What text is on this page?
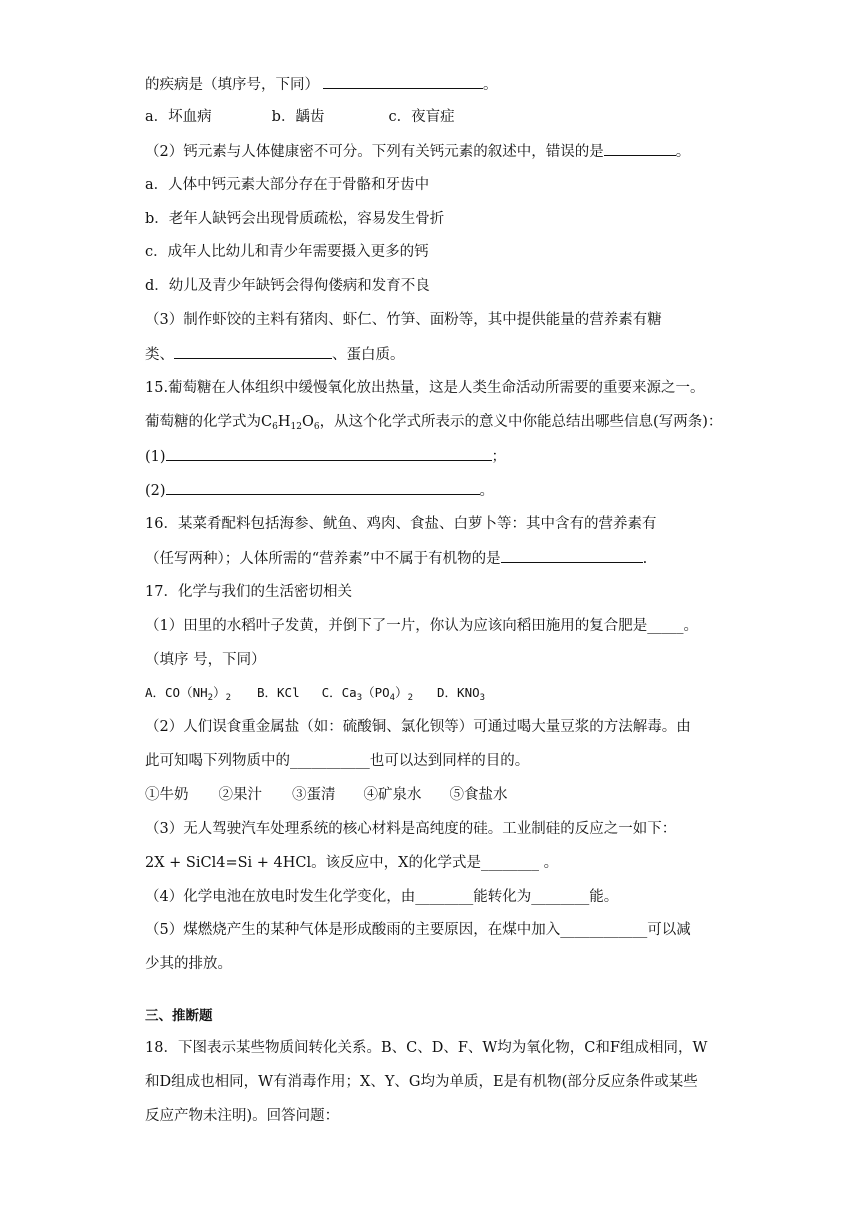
的疾病是（填序号，下同）	。
a．坏血病	b．龋齿	c．夜盲症
（2）钙元素与人体健康密不可分。下列有关钙元素的叙述中，错误的是	。
a．人体中钙元素大部分存在于骨骼和牙齿中
b．老年人缺钙会出现骨质疏松，容易发生骨折
c．成年人比幼儿和青少年需要摄入更多的钙
d．幼儿及青少年缺钙会得佝偻病和发育不良
（3）制作虾饺的主料有猪肉、虾仁、竹笋、面粉等，其中提供能量的营养素有糖
类、	、蛋白质。
15.葡萄糖在人体组织中缓慢氧化放出热量，这是人类生命活动所需要的重要来源之一。
葡萄糖的化学式为$C_6H_{12}O_6$，从这个化学式所表示的意义中你能总结出哪些信息(写两条)：
(1)	；
(2)	。
16．某菜肴配料包括海参、鱿鱼、鸡肉、食盐、白萝卜等：其中含有的营养素有
（任写两种）；人体所需的“营养素”中不属于有机物的是	.
17．化学与我们的生活密切相关
（1）田里的水稻叶子发黄，并倒下了一片，你认为应该向稻田施用的复合肥是_____。
（填序 号，下同）
A．$CO(NH_2)_2$ B．KCl C．$Ca_3(PO_4)_2$ D．$KNO_3$
（2）人们误食重金属盐（如：硫酸铜、氯化钡等）可通过喝大量豆浆的方法解毒。由
此可知喝下列物质中的___________也可以达到同样的目的。
①牛奶 ②果汁 ③蛋清 ④矿泉水 ⑤食盐水
（3）无人驾驶汽车处理系统的核心材料是高纯度的硅。工业制硅的反应之一如下：
2X + SiCl4=Si + 4HCl。该反应中，X的化学式是________ 。
（4）化学电池在放电时发生化学变化，由________能转化为________能。
（5）煤燃烧产生的某种气体是形成酸雨的主要原因，在煤中加入____________可以减
少其的排放。
三、推断题
18．下图表示某些物质间转化关系。B、C、D、F、W均为氧化物，C和F组成相同，W
和D组成也相同，W有消毒作用；X、Y、G均为单质，E是有机物(部分反应条件或某些
反应产物未注明)。回答问题：
